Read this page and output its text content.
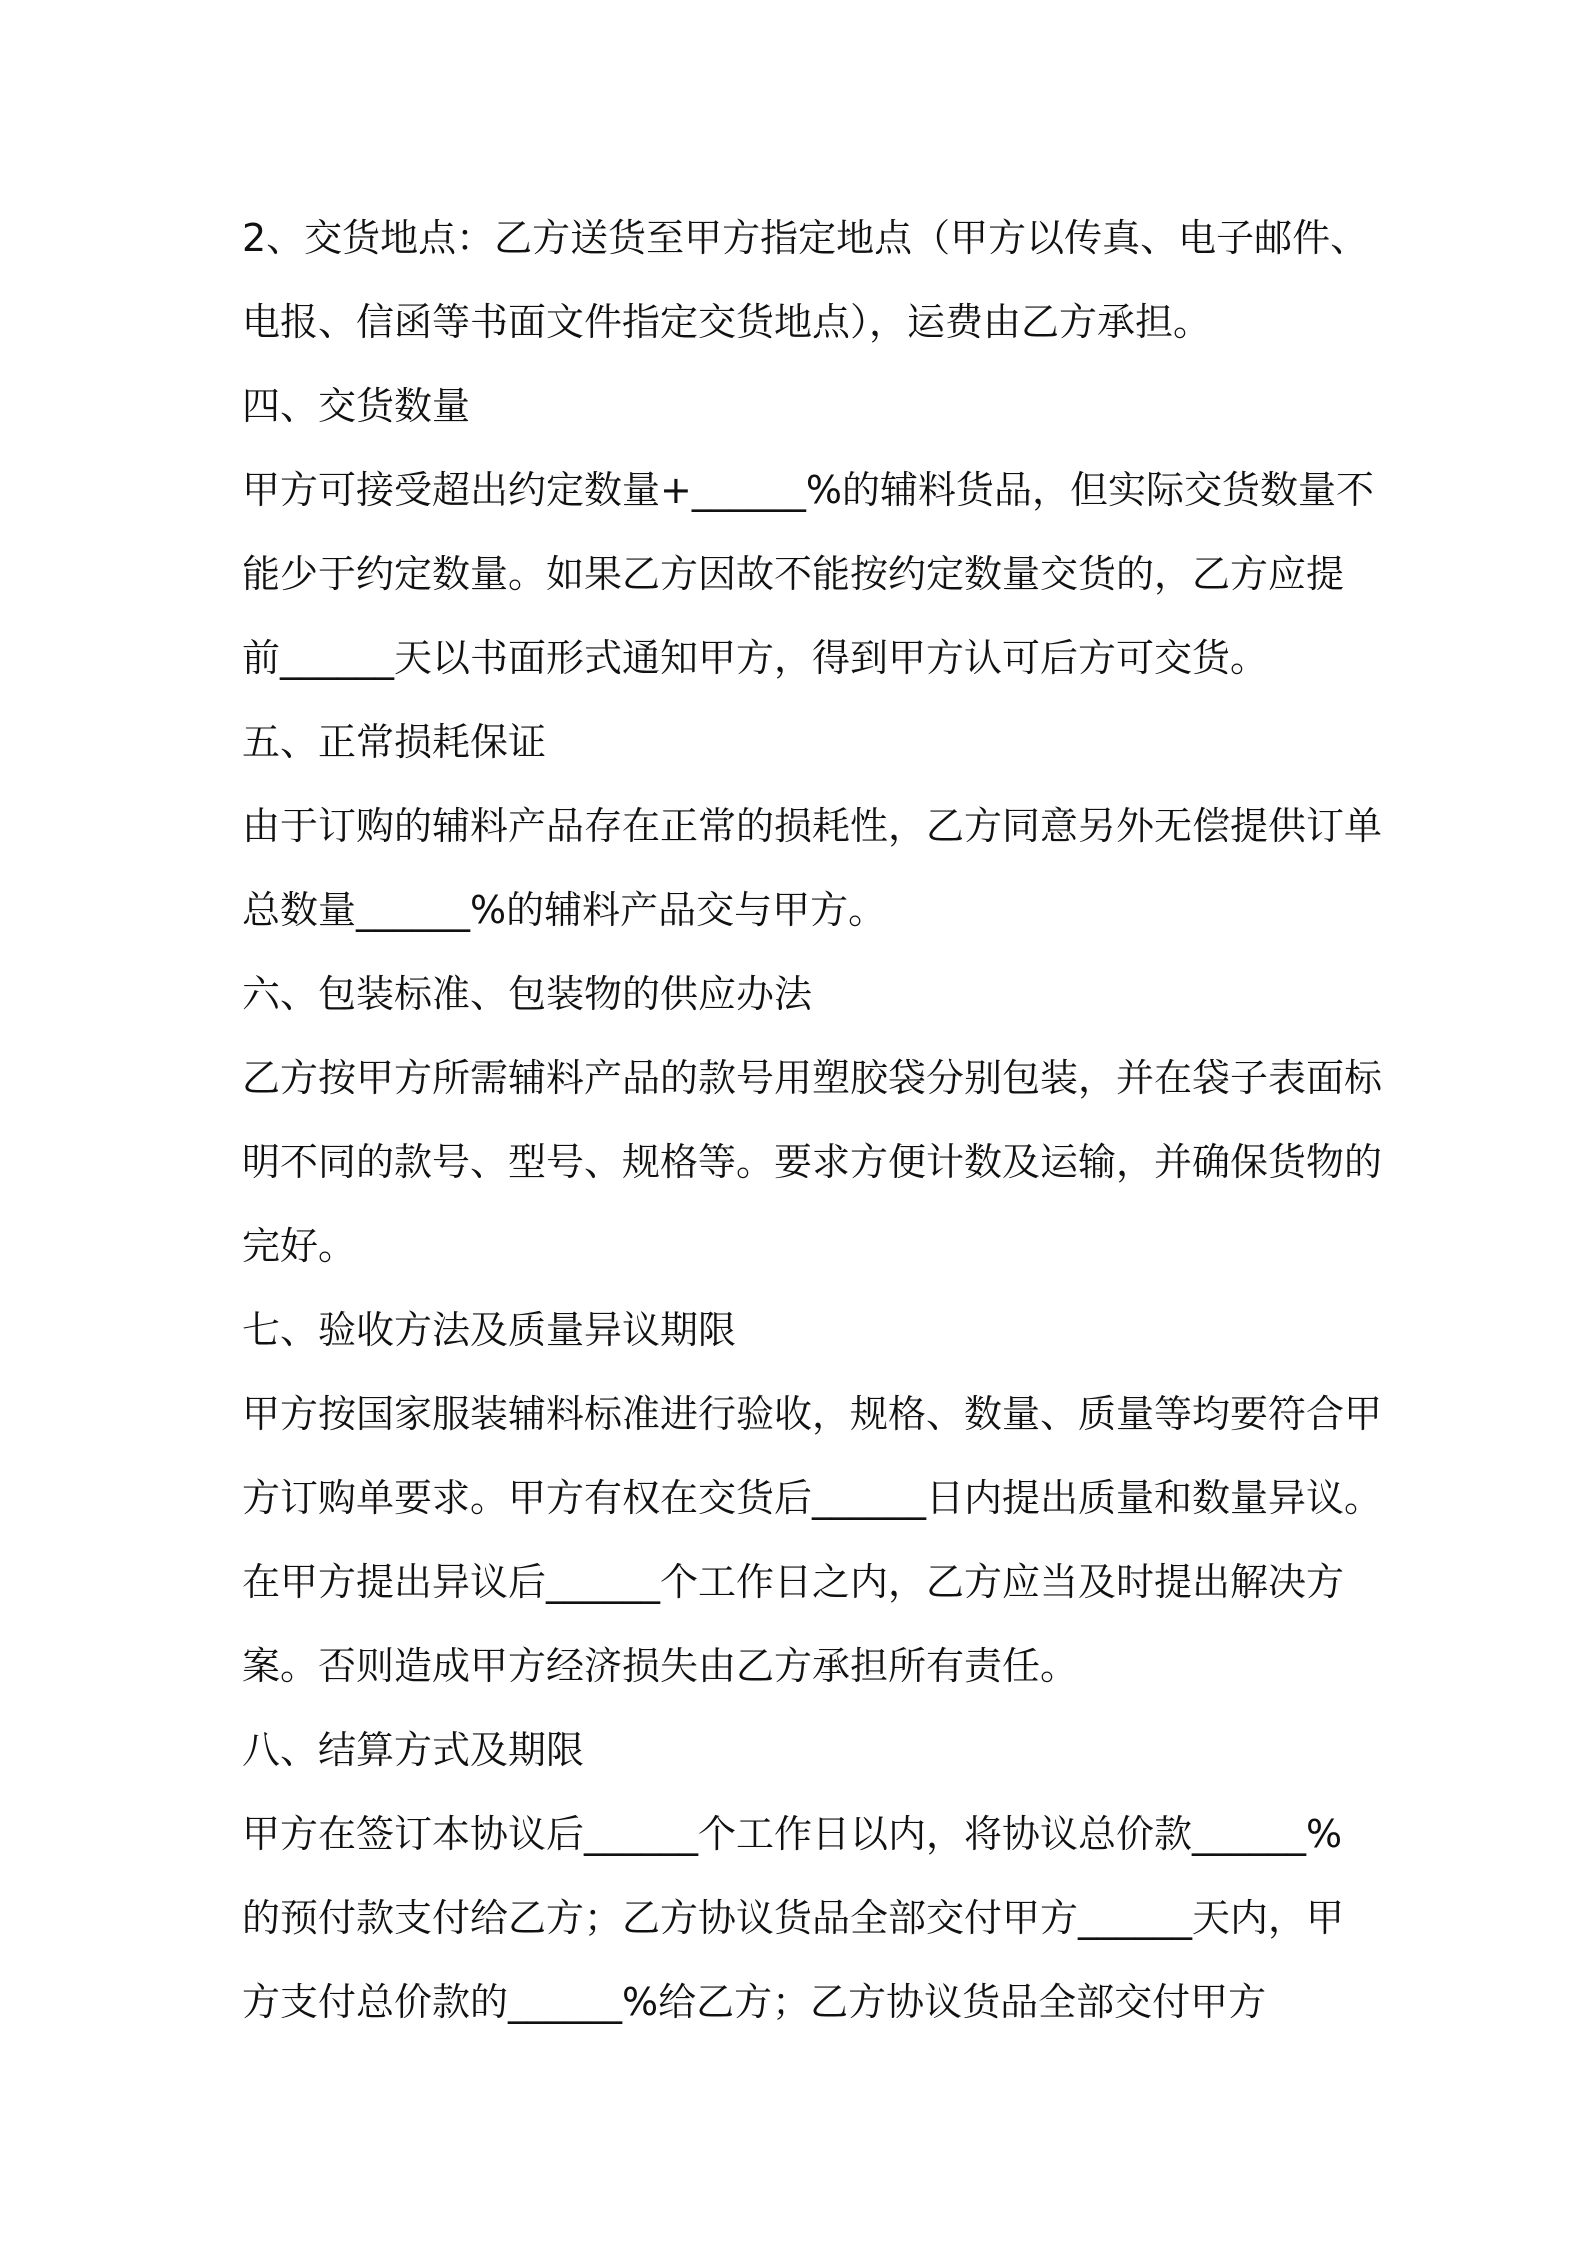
2、交货地点：乙方送货至甲方指定地点（甲方以传真、电子邮件、
电报、信函等书面文件指定交货地点），运费由乙方承担。
四、交货数量
甲方可接受超出约定数量+______%的辅料货品，但实际交货数量不
能少于约定数量。如果乙方因故不能按约定数量交货的，乙方应提
前______天以书面形式通知甲方，得到甲方认可后方可交货。
五、正常损耗保证
由于订购的辅料产品存在正常的损耗性，乙方同意另外无偿提供订单
总数量______%的辅料产品交与甲方。
六、包装标准、包装物的供应办法
乙方按甲方所需辅料产品的款号用塑胶袋分别包装，并在袋子表面标
明不同的款号、型号、规格等。要求方便计数及运输，并确保货物的
完好。
七、验收方法及质量异议期限
甲方按国家服装辅料标准进行验收，规格、数量、质量等均要符合甲
方订购单要求。甲方有权在交货后______日内提出质量和数量异议。
在甲方提出异议后______个工作日之内，乙方应当及时提出解决方
案。否则造成甲方经济损失由乙方承担所有责任。
八、结算方式及期限
甲方在签订本协议后______个工作日以内，将协议总价款______%
的预付款支付给乙方；乙方协议货品全部交付甲方______天内，甲
方支付总价款的______%给乙方；乙方协议货品全部交付甲方
